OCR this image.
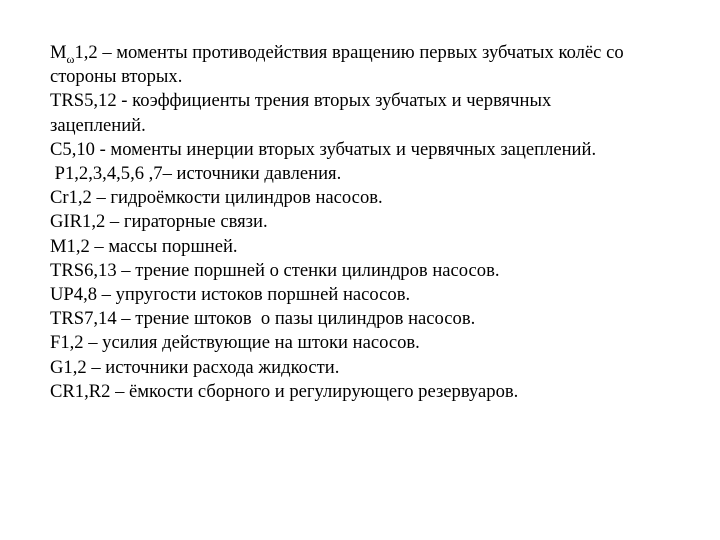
$M_\omega 1,2$ – моменты противодействия вращению первых зубчатых колёс со
стороны вторых.
TRS5,12 - коэффициенты трения вторых зубчатых и червячных
зацеплений.
C5,10 - моменты инерции вторых зубчатых и червячных зацеплений.
P1,2,3,4,5,6 ,7– источники давления.
Cr1,2 – гидроёмкости цилиндров насосов.
GIR1,2 – гираторные связи.
M1,2 – массы поршней.
TRS6,13 – трение поршней о стенки цилиндров насосов.
UP4,8 – упругости истоков поршней насосов.
TRS7,14 – трение штоков  о пазы цилиндров насосов.
F1,2 – усилия действующие на штоки насосов.
G1,2 – источники расхода жидкости.
CR1,R2 – ёмкости сборного и регулирующего резервуаров.
